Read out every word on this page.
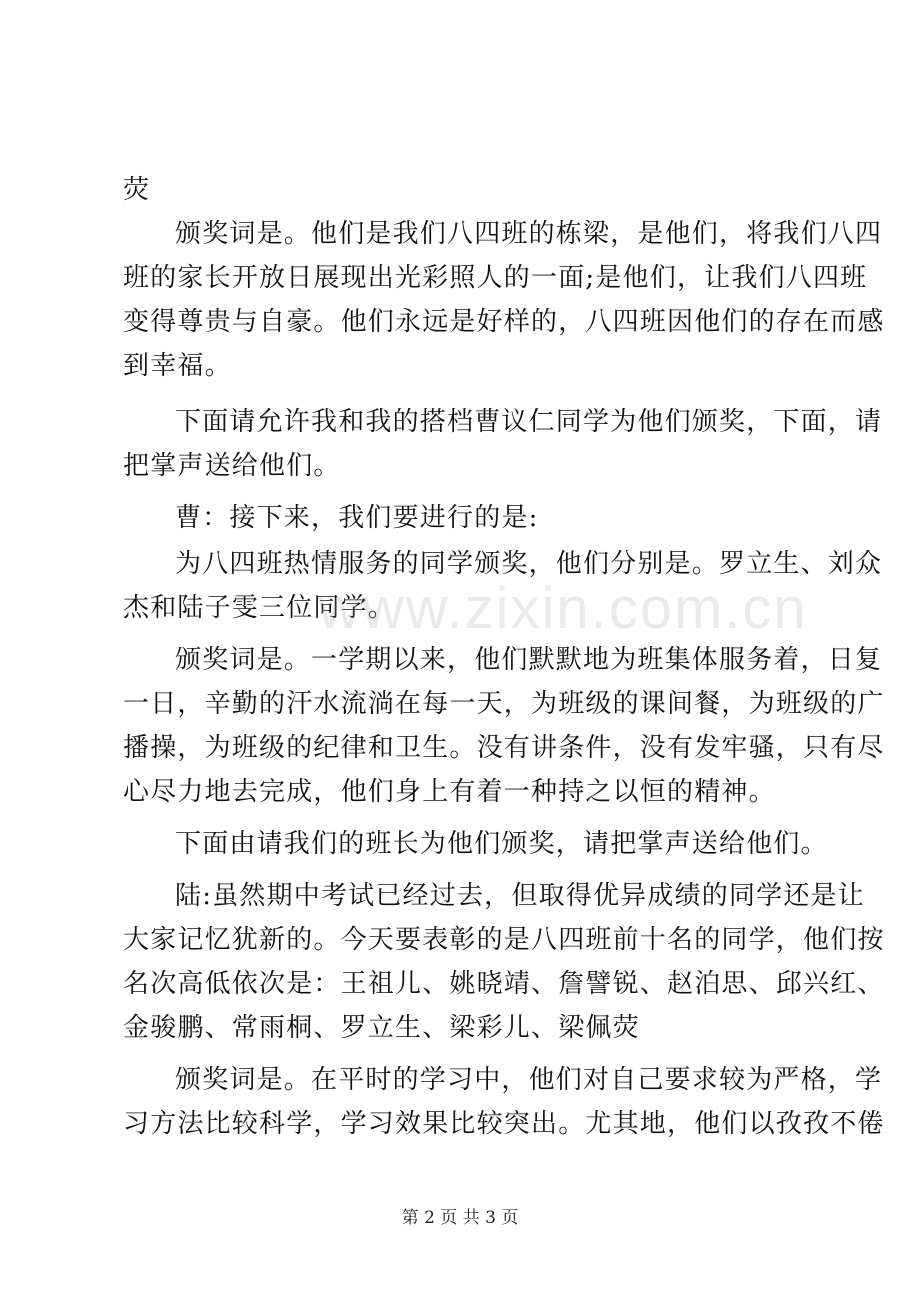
荧
颁奖词是。他们是我们八四班的栋梁，是他们，将我们八四
班的家长开放日展现出光彩照人的一面;是他们，让我们八四班
变得尊贵与自豪。他们永远是好样的，八四班因他们的存在而感
到幸福。
下面请允许我和我的搭档曹议仁同学为他们颁奖，下面，请
把掌声送给他们。
曹：接下来，我们要进行的是:
为八四班热情服务的同学颁奖，他们分别是。罗立生、刘众
杰和陆子雯三位同学。
颁奖词是。一学期以来，他们默默地为班集体服务着，日复
一日，辛勤的汗水流淌在每一天，为班级的课间餐，为班级的广
播操，为班级的纪律和卫生。没有讲条件，没有发牢骚，只有尽
心尽力地去完成，他们身上有着一种持之以恒的精神。
下面由请我们的班长为他们颁奖，请把掌声送给他们。
陆:虽然期中考试已经过去，但取得优异成绩的同学还是让
大家记忆犹新的。今天要表彰的是八四班前十名的同学，他们按
名次高低依次是：王祖儿、姚晓靖、詹譬锐、赵泊思、邱兴红、
金骏鹏、常雨桐、罗立生、梁彩儿、梁佩荧
颁奖词是。在平时的学习中，他们对自己要求较为严格，学
习方法比较科学，学习效果比较突出。尤其地，他们以孜孜不倦
www.zixin.com.cn
第 2 页 共 3 页
